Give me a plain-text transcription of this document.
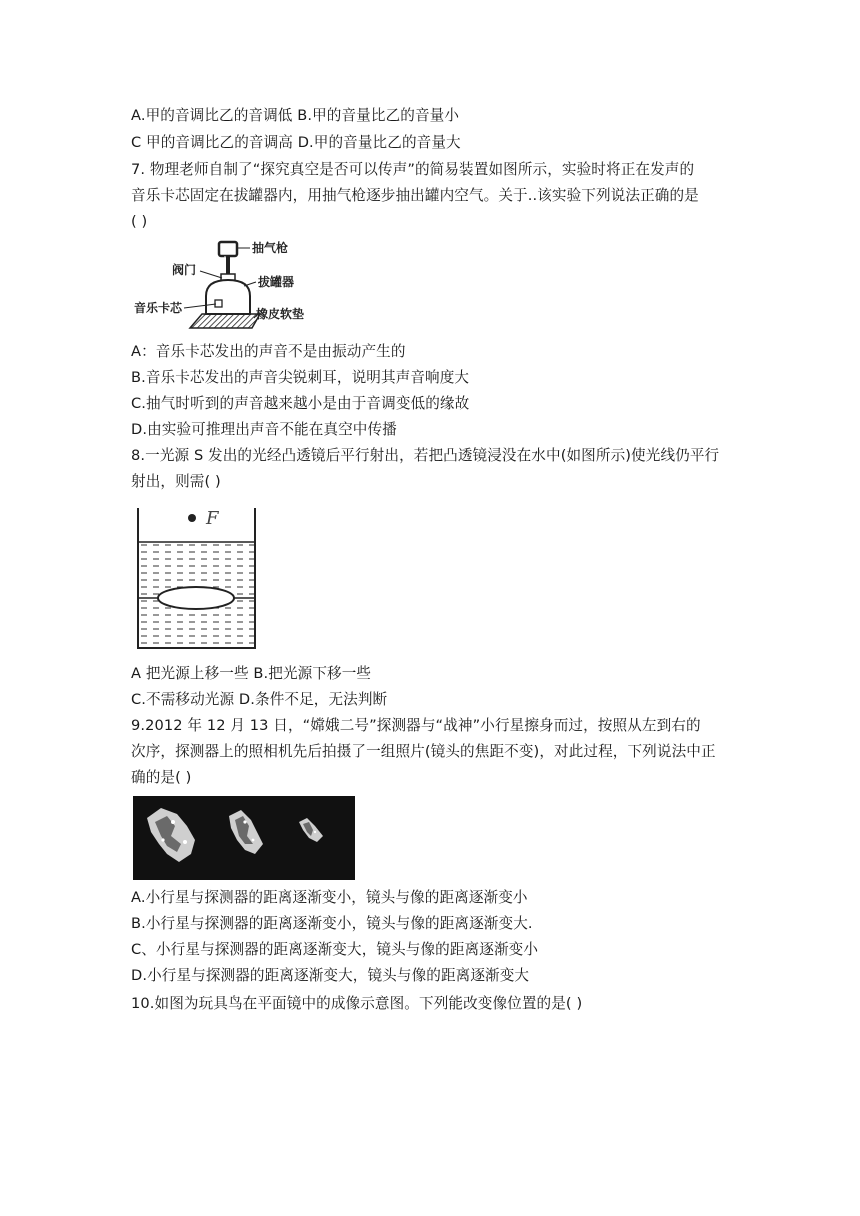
A.甲的音调比乙的音调低 B.甲的音量比乙的音量小
C 甲的音调比乙的音调高 D.甲的音量比乙的音量大
7. 物理老师自制了“探究真空是否可以传声”的简易装置如图所示，实验时将正在发声的
音乐卡芯固定在拔罐器内，用抽气枪逐步抽出罐内空气。关于..该实验下列说法正确的是
( )
抽气枪
阀门
拔罐器
音乐卡芯	橡皮软垫
A：音乐卡芯发出的声音不是由振动产生的
B.音乐卡芯发出的声音尖锐刺耳，说明其声音响度大
C.抽气时听到的声音越来越小是由于音调变低的缘故
D.由实验可推理出声音不能在真空中传播
8.一光源 S 发出的光经凸透镜后平行射出，若把凸透镜浸没在水中(如图所示)使光线仍平行
射出，则需( )
F
A 把光源上移一些 B.把光源下移一些
C.不需移动光源 D.条件不足，无法判断
9.2012 年 12 月 13 日，“嫦娥二号”探测器与“战神”小行星擦身而过，按照从左到右的
次序，探测器上的照相机先后拍摄了一组照片(镜头的焦距不变)，对此过程，下列说法中正
确的是( )
A.小行星与探测器的距离逐渐变小，镜头与像的距离逐渐变小
B.小行星与探测器的距离逐渐变小，镜头与像的距离逐渐变大.
C、小行星与探测器的距离逐渐变大，镜头与像的距离逐渐变小
D.小行星与探测器的距离逐渐变大，镜头与像的距离逐渐变大
10.如图为玩具鸟在平面镜中的成像示意图。下列能改变像位置的是( )
